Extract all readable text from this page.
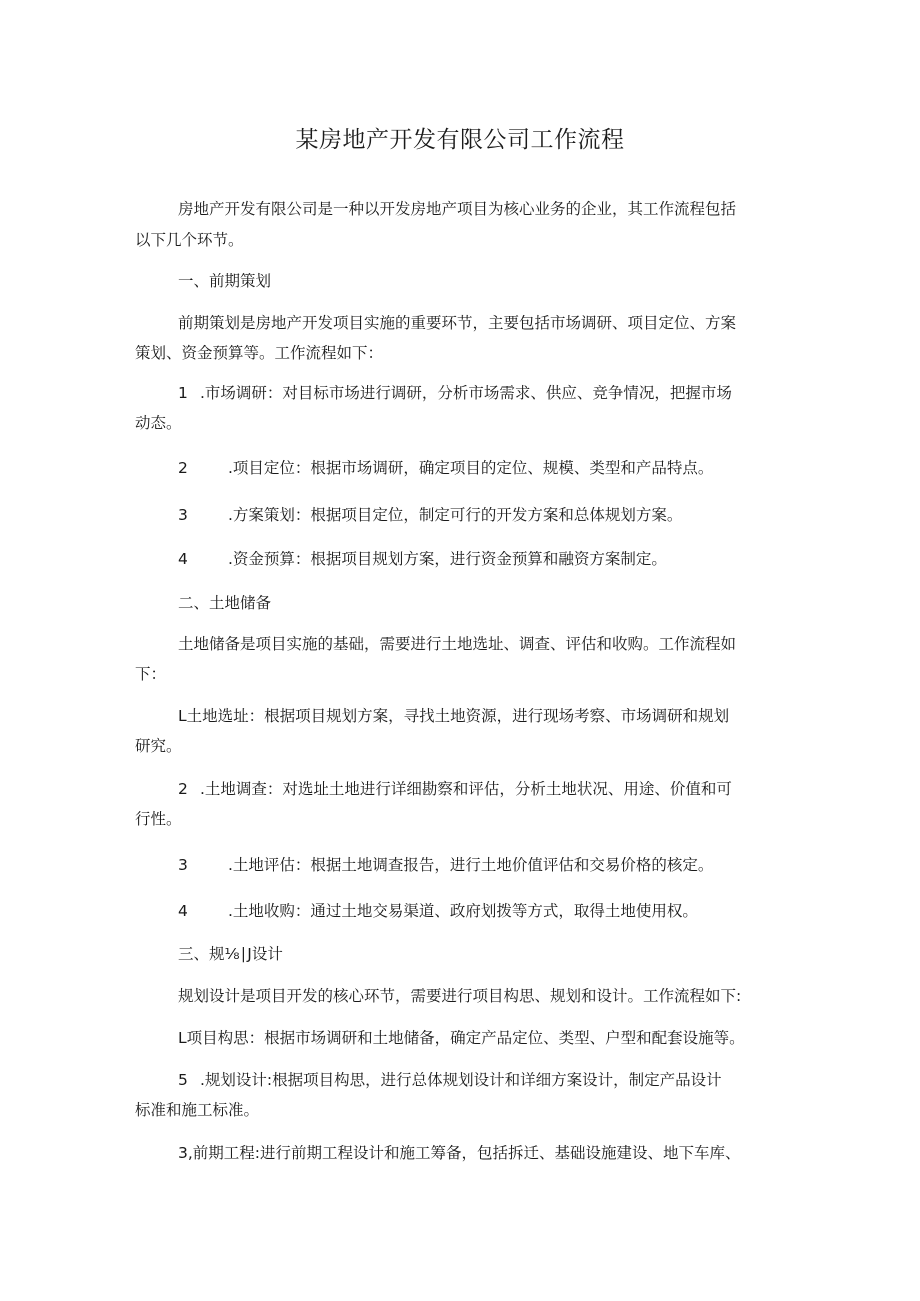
某房地产开发有限公司工作流程
房地产开发有限公司是一种以开发房地产项目为核心业务的企业，其工作流程包括
以下几个环节。
一、前期策划
前期策划是房地产开发项目实施的重要环节，主要包括市场调研、项目定位、方案
策划、资金预算等。工作流程如下：
1 .市场调研：对目标市场进行调研，分析市场需求、供应、竞争情况，把握市场
动态。
2	.项目定位：根据市场调研，确定项目的定位、规模、类型和产品特点。
3	.方案策划：根据项目定位，制定可行的开发方案和总体规划方案。
4	.资金预算：根据项目规划方案，进行资金预算和融资方案制定。
二、土地储备
土地储备是项目实施的基础，需要进行土地选址、调查、评估和收购。工作流程如
下：
L土地选址：根据项目规划方案，寻找土地资源，进行现场考察、市场调研和规划
研究。
2 .土地调查：对选址土地进行详细勘察和评估，分析土地状况、用途、价值和可
行性。
3	.土地评估：根据土地调查报告，进行土地价值评估和交易价格的核定。
4	.土地收购：通过土地交易渠道、政府划拨等方式，取得土地使用权。
三、规⅛∣J设计
规划设计是项目开发的核心环节，需要进行项目构思、规划和设计。工作流程如下:
L项目构思：根据市场调研和土地储备，确定产品定位、类型、户型和配套设施等。
5 .规划设计:根据项目构思，进行总体规划设计和详细方案设计，制定产品设计
标准和施工标准。
3,前期工程:进行前期工程设计和施工筹备，包括拆迁、基础设施建设、地下车库、
